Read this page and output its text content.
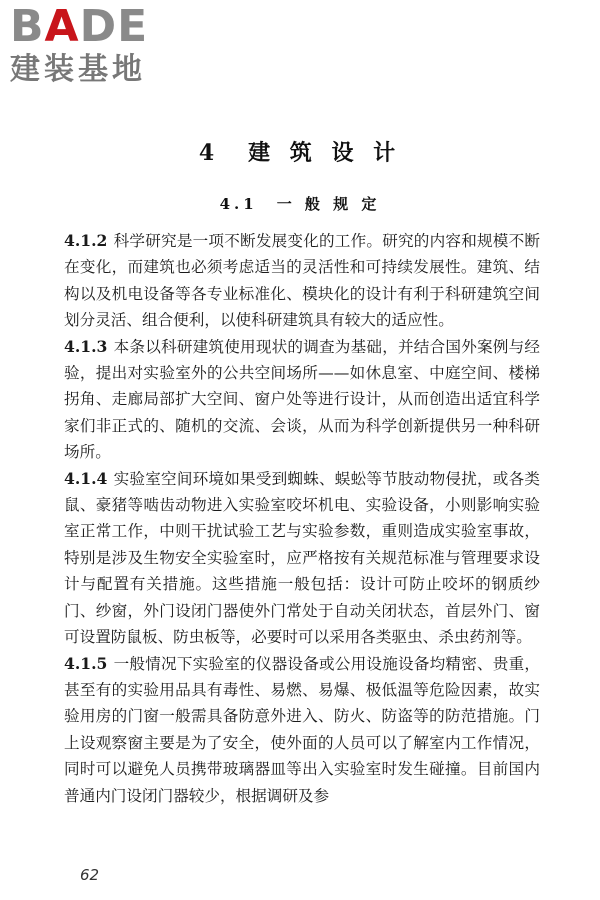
BADE
建装基地
4　建 筑 设 计
4.1　一 般 规 定

4.1.2 科学研究是一项不断发展变化的工作。研究的内容和规模不断在变化，而建筑也必须考虑适当的灵活性和可持续发展性。建筑、结构以及机电设备等各专业标准化、模块化的设计有利于科研建筑空间划分灵活、组合便利，以使科研建筑具有较大的适应性。

4.1.3 本条以科研建筑使用现状的调查为基础，并结合国外案例与经验，提出对实验室外的公共空间场所——如休息室、中庭空间、楼梯拐角、走廊局部扩大空间、窗户处等进行设计，从而创造出适宜科学家们非正式的、随机的交流、会谈，从而为科学创新提供另一种科研场所。

4.1.4 实验室空间环境如果受到蜘蛛、蜈蚣等节肢动物侵扰，或各类鼠、豪猪等啮齿动物进入实验室咬坏机电、实验设备，小则影响实验室正常工作，中则干扰试验工艺与实验参数，重则造成实验室事故，特别是涉及生物安全实验室时，应严格按有关规范标准与管理要求设计与配置有关措施。这些措施一般包括：设计可防止咬坏的钢质纱门、纱窗，外门设闭门器使外门常处于自动关闭状态，首层外门、窗可设置防鼠板、防虫板等，必要时可以采用各类驱虫、杀虫药剂等。

4.1.5 一般情况下实验室的仪器设备或公用设施设备均精密、贵重，甚至有的实验用品具有毒性、易燃、易爆、极低温等危险因素，故实验用房的门窗一般需具备防意外进入、防火、防盗等的防范措施。门上设观察窗主要是为了安全，使外面的人员可以了解室内工作情况，同时可以避免人员携带玻璃器皿等出入实验室时发生碰撞。目前国内普通内门设闭门器较少，根据调研及参

62
